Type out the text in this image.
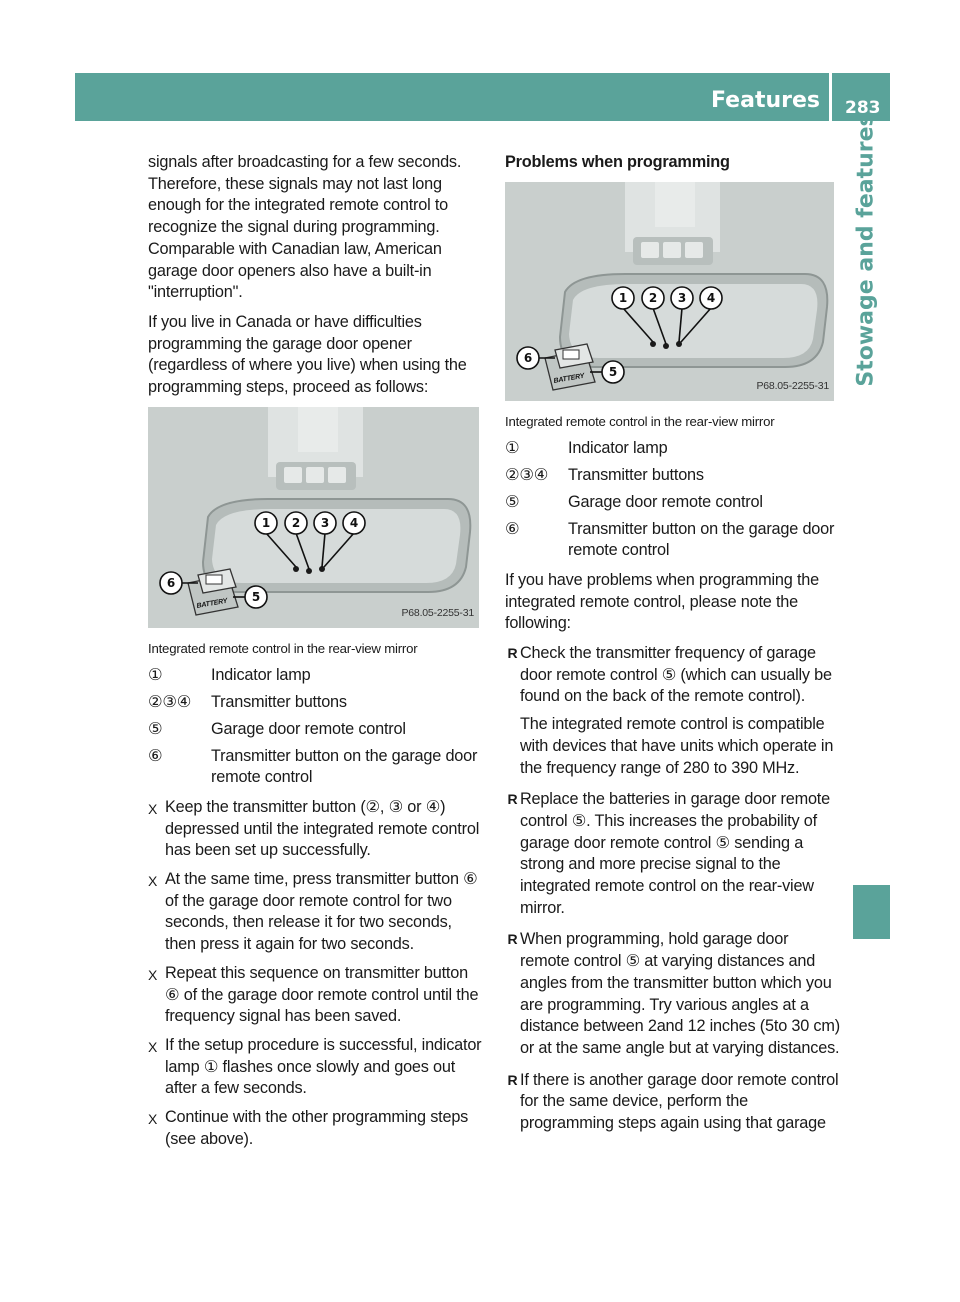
Features 283
Stowage and features

signals after broadcasting for a few seconds. Therefore, these signals may not last long enough for the integrated remote control to recognize the signal during programming. Comparable with Canadian law, American garage door openers also have a built-in "interruption".

If you live in Canada or have difficulties programming the garage door opener (regardless of where you live) when using the programming steps, proceed as follows:

1 2 3 4
BATTERY
6
5
P68.05-2255-31
Integrated remote control in the rear-view mirror
①	Indicator lamp
②③④	Transmitter buttons
⑤	Garage door remote control
⑥	Transmitter button on the garage door remote control
X Keep the transmitter button (②, ③ or ④) depressed until the integrated remote control has been set up successfully.
X At the same time, press transmitter button ⑥ of the garage door remote control for two seconds, then release it for two seconds, then press it again for two seconds.
X Repeat this sequence on transmitter button ⑥ of the garage door remote control until the frequency signal has been saved.
X If the setup procedure is successful, indicator lamp ① flashes once slowly and goes out after a few seconds.
X Continue with the other programming steps (see above).
Problems when programming
1 2 3 4
BATTERY
6
5
P68.05-2255-31
Integrated remote control in the rear-view mirror
①	Indicator lamp
②③④	Transmitter buttons
⑤	Garage door remote control
⑥	Transmitter button on the garage door remote control

If you have problems when programming the integrated remote control, please note the following:

R Check the transmitter frequency of garage door remote control ⑤ (which can usually be found on the back of the remote control).

The integrated remote control is compatible with devices that have units which operate in the frequency range of 280 to 390 MHz.

R Replace the batteries in garage door remote control ⑤. This increases the probability of garage door remote control ⑤ sending a strong and more precise signal to the integrated remote control on the rear-view mirror.

R When programming, hold garage door remote control ⑤ at varying distances and angles from the transmitter button which you are programming. Try various angles at a distance between 2and 12 inches (5to 30 cm) or at the same angle but at varying distances.

R If there is another garage door remote control for the same device, perform the programming steps again using that garage
